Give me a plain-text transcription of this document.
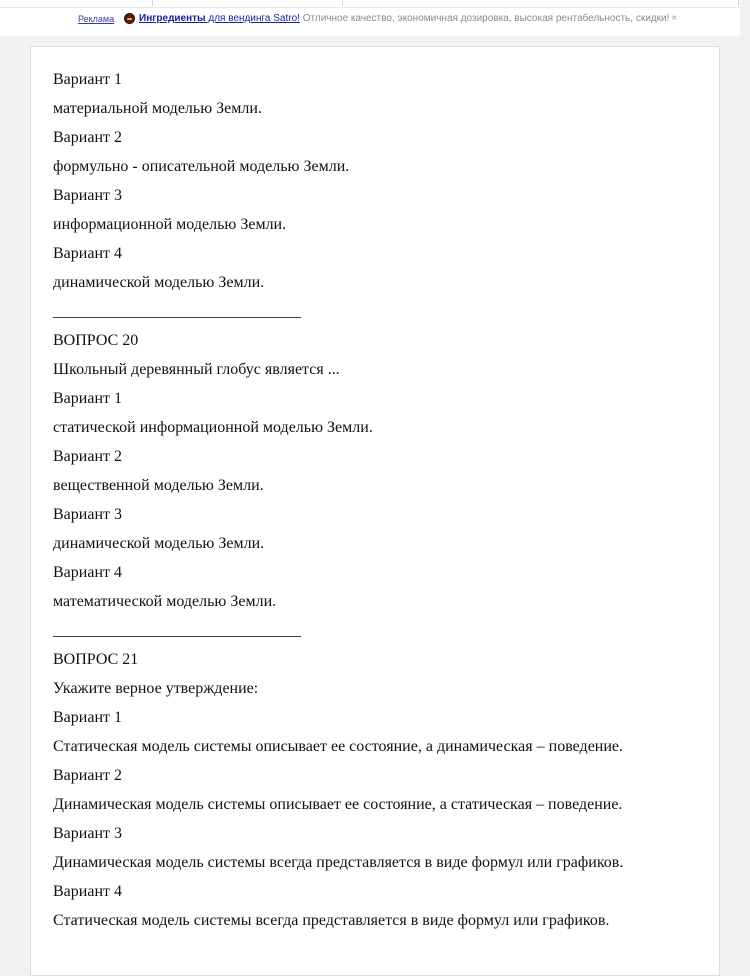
Реклама Ингредиенты для вендинга Satro! Отличное качество, экономичная дозировка, высокая рентабельность, скидки! ×
Вариант 1
материальной моделью Земли.
Вариант 2
формульно - описательной моделью Земли.
Вариант 3
информационной моделью Земли.
Вариант 4
динамической моделью Земли.
_______________________________
ВОПРОС 20
Школьный деревянный глобус является ...
Вариант 1
статической информационной моделью Земли.
Вариант 2
вещественной моделью Земли.
Вариант 3
динамической моделью Земли.
Вариант 4
математической моделью Земли.
_______________________________
ВОПРОС 21
Укажите верное утверждение:
Вариант 1
Статическая модель системы описывает ее состояние, а динамическая – поведение.
Вариант 2
Динамическая модель системы описывает ее состояние, а статическая – поведение.
Вариант 3
Динамическая модель системы всегда представляется в виде формул или графиков.
Вариант 4
Статическая модель системы всегда представляется в виде формул или графиков.
